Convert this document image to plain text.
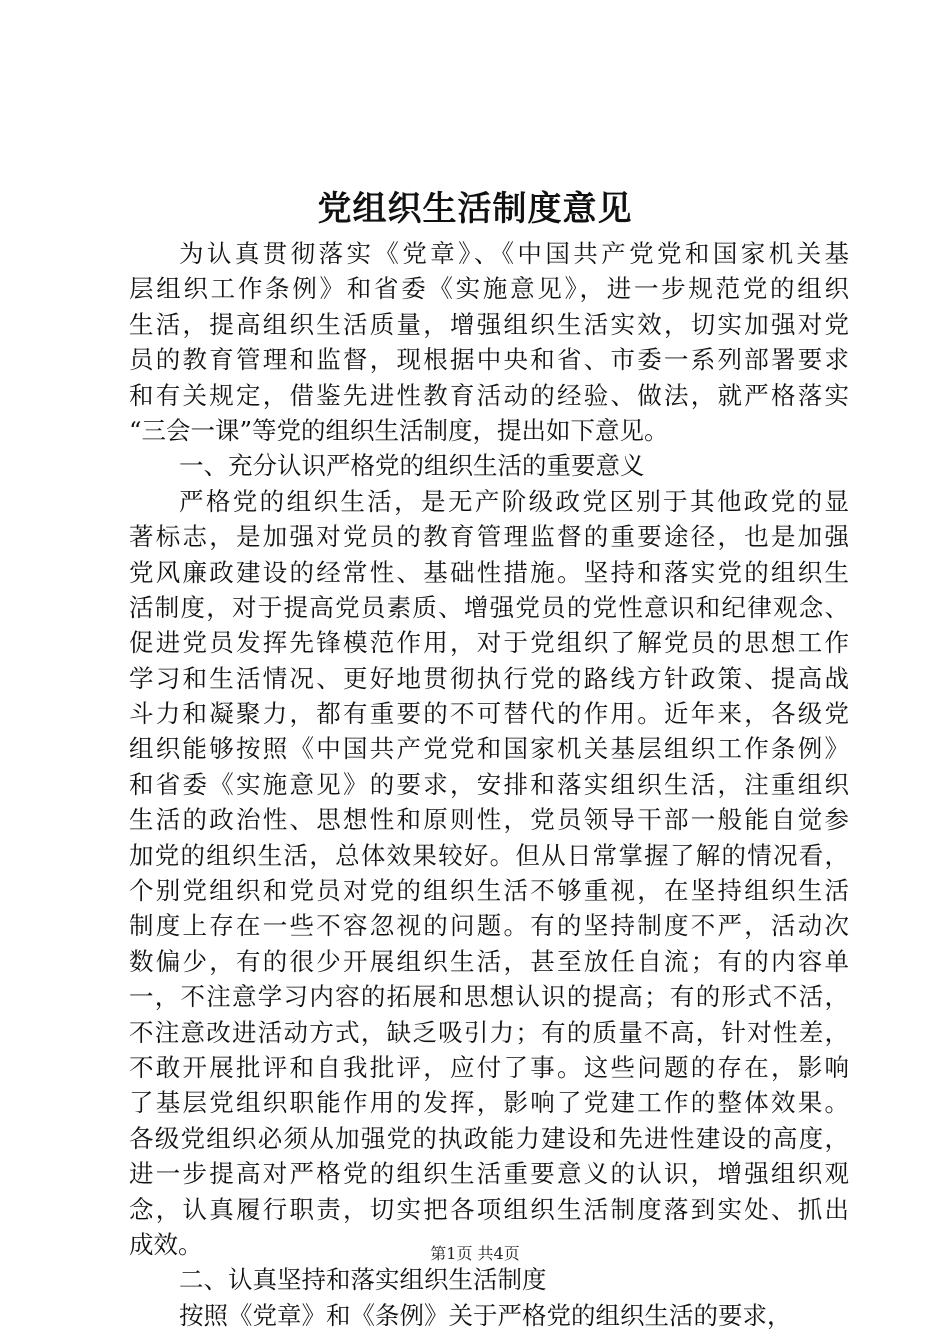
党组织生活制度意见
为认真贯彻落实《党章》、《中国共产党党和国家机关基
层组织工作条例》和省委《实施意见》，进一步规范党的组织
生活，提高组织生活质量，增强组织生活实效，切实加强对党
员的教育管理和监督，现根据中央和省、市委一系列部署要求
和有关规定，借鉴先进性教育活动的经验、做法，就严格落实
“三会一课”等党的组织生活制度，提出如下意见。
一、充分认识严格党的组织生活的重要意义
严格党的组织生活，是无产阶级政党区别于其他政党的显
著标志，是加强对党员的教育管理监督的重要途径，也是加强
党风廉政建设的经常性、基础性措施。坚持和落实党的组织生
活制度，对于提高党员素质、增强党员的党性意识和纪律观念、
促进党员发挥先锋模范作用，对于党组织了解党员的思想工作
学习和生活情况、更好地贯彻执行党的路线方针政策、提高战
斗力和凝聚力，都有重要的不可替代的作用。近年来，各级党
组织能够按照《中国共产党党和国家机关基层组织工作条例》
和省委《实施意见》的要求，安排和落实组织生活，注重组织
生活的政治性、思想性和原则性，党员领导干部一般能自觉参
加党的组织生活，总体效果较好。但从日常掌握了解的情况看，
个别党组织和党员对党的组织生活不够重视，在坚持组织生活
制度上存在一些不容忽视的问题。有的坚持制度不严，活动次
数偏少，有的很少开展组织生活，甚至放任自流；有的内容单
一，不注意学习内容的拓展和思想认识的提高；有的形式不活，
不注意改进活动方式，缺乏吸引力；有的质量不高，针对性差，
不敢开展批评和自我批评，应付了事。这些问题的存在，影响
了基层党组织职能作用的发挥，影响了党建工作的整体效果。
各级党组织必须从加强党的执政能力建设和先进性建设的高度，
进一步提高对严格党的组织生活重要意义的认识，增强组织观
念，认真履行职责，切实把各项组织生活制度落到实处、抓出
成效。
二、认真坚持和落实组织生活制度
按照《党章》和《条例》关于严格党的组织生活的要求，
第1页 共4页
